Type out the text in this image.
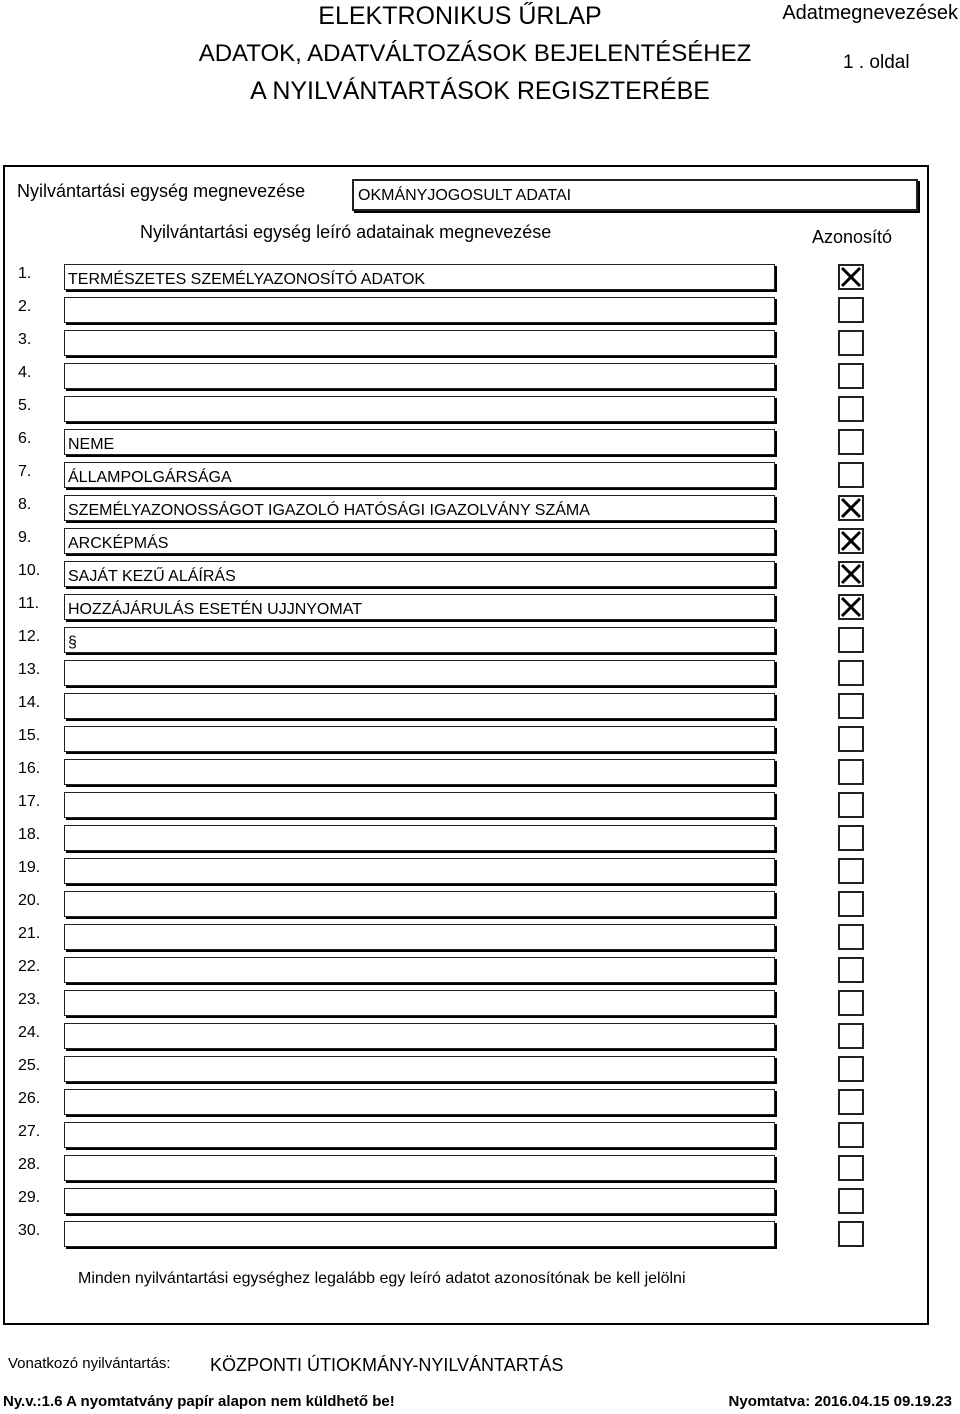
ELEKTRONIKUS ŰRLAP
ADATOK, ADATVÁLTOZÁSOK BEJELENTÉSÉHEZ
A NYILVÁNTARTÁSOK REGISZTERÉBE
Adatmegnevezések
1 . oldal
Nyilvántartási egység megnevezése	OKMÁNYJOGOSULT ADATAI
Nyilvántartási egység leíró adatainak megnevezése	Azonosító
1.	TERMÉSZETES SZEMÉLYAZONOSÍTÓ ADATOK
2.
3.
4.
5.
6.	NEME
7.	ÁLLAMPOLGÁRSÁGA
8.	SZEMÉLYAZONOSSÁGOT IGAZOLÓ HATÓSÁGI IGAZOLVÁNY SZÁMA
9.	ARCKÉPMÁS
10.	SAJÁT KEZŰ ALÁÍRÁS
11.	HOZZÁJÁRULÁS ESETÉN UJJNYOMAT
12.	§
13.
14.
15.
16.
17.
18.
19.
20.
21.
22.
23.
24.
25.
26.
27.
28.
29.
30.
Minden nyilvántartási egységhez legalább egy leíró adatot azonosítónak be kell jelölni
Vonatkozó nyilvántartás: KÖZPONTI ÚTIOKMÁNY-NYILVÁNTARTÁS
Ny.v.:1.6 A nyomtatvány papír alapon nem küldhető be!	Nyomtatva: 2016.04.15 09.19.23
